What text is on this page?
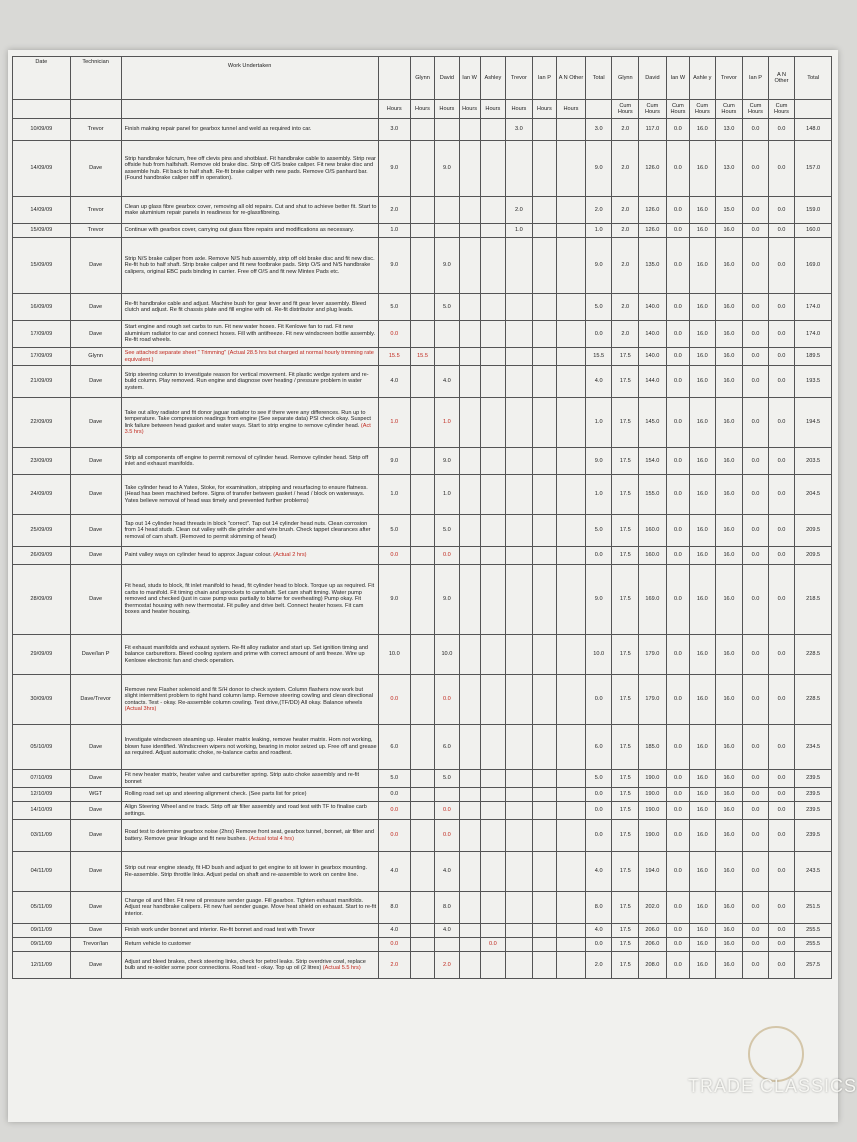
Date	Technician	Work Undertaken		Glynn	David	Ian W	Ashley	Trevor	Ian P	A N Other	Total	Glynn	David	Ian W	Ashle y	Trevor	Ian P	A N Other	Total
			Hours	Hours	Hours	Hours	Hours	Hours	Hours	Hours		Cum Hours	Cum Hours	Cum Hours	Cum Hours	Cum Hours	Cum Hours	Cum Hours	
10/09/09	Trevor	Finish making repair panel for gearbox tunnel and weld as required into car.	3.0					3.0			3.0	2.0	117.0	0.0	16.0	13.0	0.0	0.0	148.0
14/09/09	Dave	Strip handbrake fulcrum, free off clevis pins and shotblast. Fit handbrake cable to assembly. Strip rear offside hub from halfshaft. Remove old brake disc. Strip off O/S brake caliper. Fit new brake disc and assemble hub. Fit back to half shaft. Re-fit brake caliper with new pads. Remove O/S panhard bar. (Found handbrake caliper stiff in operation).	9.0		9.0						9.0	2.0	126.0	0.0	16.0	13.0	0.0	0.0	157.0
14/09/09	Trevor	Clean up glass fibre gearbox cover, removing all old repairs. Cut and shut to achieve better fit. Start to make aluminium repair panels in readiness for re-glassfibreing.	2.0					2.0			2.0	2.0	126.0	0.0	16.0	15.0	0.0	0.0	159.0
15/09/09	Trevor	Continue with gearbox cover, carrying out glass fibre repairs and modifications as necessary.	1.0					1.0			1.0	2.0	126.0	0.0	16.0	16.0	0.0	0.0	160.0
15/09/09	Dave	Strip N/S brake caliper from axle. Remove N/S hub assembly, strip off old brake disc and fit new disc. Re-fit hub to half shaft. Strip brake caliper and fit new footbrake pads. Strip O/S and N/S handbrake calipers, original EBC pads binding in carrier. Free off O/S and fit new Mintex Pads etc.	9.0		9.0						9.0	2.0	135.0	0.0	16.0	16.0	0.0	0.0	169.0
16/09/09	Dave	Re-fit handbrake cable and adjust. Machine bush for gear lever and fit gear lever assembly. Bleed clutch and adjust. Re fit chassis plate and fill engine with oil. Re-fit distributor and plug leads.	5.0		5.0						5.0	2.0	140.0	0.0	16.0	16.0	0.0	0.0	174.0
17/09/09	Dave	Start engine and rough set carbs to run. Fit new water hoses. Fit Kenlowe fan to rad. Fit new aluminium radiator to car and connect hoses. Fill with antifreeze. Fit new windscreen bottle assembly. Re-fit road wheels.	0.0								0.0	2.0	140.0	0.0	16.0	16.0	0.0	0.0	174.0
17/09/09	Glynn	See attached separate sheet " Trimming" (Actual 28.5 hrs but charged at normal hourly trimming rate equivalent.)	15.5	15.5							15.5	17.5	140.0	0.0	16.0	16.0	0.0	0.0	189.5
21/09/09	Dave	Strip steering column to investigate reason for vertical movement. Fit plastic wedge system and re-build column. Play removed. Run engine and diagnose over heating / pressure problem in water system.	4.0		4.0						4.0	17.5	144.0	0.0	16.0	16.0	0.0	0.0	193.5
22/09/09	Dave	Take out alloy radiator and fit donor jaguar radiator to see if there were any differences. Run up to temperature. Take compression readings from engine (See separate data) PSI check okay. Suspect link failure between head gasket and water ways. Start to strip engine to remove cylinder head. (Act 3.5 hrs)	1.0		1.0						1.0	17.5	145.0	0.0	16.0	16.0	0.0	0.0	194.5
23/09/09	Dave	Strip all components off engine to permit removal of cylinder head. Remove cylinder head. Strip off inlet and exhaust manifolds.	9.0		9.0						9.0	17.5	154.0	0.0	16.0	16.0	0.0	0.0	203.5
24/09/09	Dave	Take cylinder head to A Yates, Stoke, for examination, stripping and resurfacing to ensure flatness. (Head has been machined before. Signs of transfer between gasket / head / block on waterways. Yates believe removal of head was timely and prevented further problems)	1.0		1.0						1.0	17.5	155.0	0.0	16.0	16.0	0.0	0.0	204.5
25/09/09	Dave	Tap out 14 cylinder head threads in block "correct". Tap out 14 cylinder head nuts. Clean corrosion from 14 head studs. Clean out valley with die grinder and wire brush. Check tappet clearances after removal of cam shaft. (Removed to permit skimming of head)	5.0		5.0						5.0	17.5	160.0	0.0	16.0	16.0	0.0	0.0	209.5
26/09/09	Dave	Paint valley ways on cylinder head to approx Jaguar colour. (Actual 2 hrs)	0.0		0.0						0.0	17.5	160.0	0.0	16.0	16.0	0.0	0.0	209.5
28/09/09	Dave	Fit head, studs to block, fit inlet manifold to head, fit cylinder head to block. Torque up as required. Fit carbs to manifold. Fit timing chain and sprockets to camshaft. Set cam shaft timing. Water pump removed and checked (just in case pump was partially to blame for overheating) Pump okay. Fit thermostat housing with new thermostat. Fit pulley and drive belt. Connect heater hoses. Fit cam boxes and heater housing.	9.0		9.0						9.0	17.5	169.0	0.0	16.0	16.0	0.0	0.0	218.5
29/09/09	Dave/Ian P	Fit exhaust manifolds and exhaust system. Re-fit alloy radiator and start up. Set ignition timing and balance carburettors. Bleed cooling system and prime with correct amount of anti freeze. Wire up Kenlowe electronic fan and check operation.	10.0		10.0						10.0	17.5	179.0	0.0	16.0	16.0	0.0	0.0	228.5
30/09/09	Dave/Trevor	Remove new Flasher solenoid and fit S/H donor to check system. Column flashers now work but slight intermittent problem to right hand column lamp. Remove steering cowling and clean directional contacts. Test - okay. Re-assemble column cowling. Test drive,(TF/DD) All okay. Balance wheels (Actual 3hrs)	0.0		0.0						0.0	17.5	179.0	0.0	16.0	16.0	0.0	0.0	228.5
05/10/09	Dave	Investigate windscreen steaming up. Heater matrix leaking, remove heater matrix. Horn not working, blown fuse identified. Windscreen wipers not working, bearing in motor seized up. Free off and grease as required. Adjust automatic choke, re-balance carbs and roadtest.	6.0		6.0						6.0	17.5	185.0	0.0	16.0	16.0	0.0	0.0	234.5
07/10/09	Dave	Fit new heater matrix, heater valve and carburetter spring. Strip auto choke assembly and re-fit bonnet	5.0		5.0						5.0	17.5	190.0	0.0	16.0	16.0	0.0	0.0	239.5
12/10/09	WGT	Rolling road set up and steering alignment check. (See parts list for price)	0.0								0.0	17.5	190.0	0.0	16.0	16.0	0.0	0.0	239.5
14/10/09	Dave	Align Steering Wheel and re track. Strip off air filter assembly and road test with TF to finalise carb settings.	0.0		0.0						0.0	17.5	190.0	0.0	16.0	16.0	0.0	0.0	239.5
03/11/09	Dave	Road test to determine gearbox noise (2hrs) Remove front seat, gearbox tunnel, bonnet, air filter and battery. Remove gear linkage and fit new bushes. (Actual total 4 hrs)	0.0		0.0						0.0	17.5	190.0	0.0	16.0	16.0	0.0	0.0	239.5
04/11/09	Dave	Strip out rear engine steady, fit HD bush and adjust to get engine to sit lower in gearbox mounting. Re-assemble. Strip throttle links. Adjust pedal on shaft and re-assemble to work on centre line.	4.0		4.0						4.0	17.5	194.0	0.0	16.0	16.0	0.0	0.0	243.5
05/11/09	Dave	Change oil and filter. Fit new oil pressure sender guage. Fill gearbox. Tighten exhaust manifolds. Adjust rear handbrake calipers. Fit new fuel sender guage. Move heat shield on exhaust. Start to re-fit interior.	8.0		8.0						8.0	17.5	202.0	0.0	16.0	16.0	0.0	0.0	251.5
09/11/09	Dave	Finish work under bonnet and interior. Re-fit bonnet and road test with Trevor	4.0		4.0						4.0	17.5	206.0	0.0	16.0	16.0	0.0	0.0	255.5
09/11/09	Trevor/Ian	Return vehicle to customer	0.0				0.0				0.0	17.5	206.0	0.0	16.0	16.0	0.0	0.0	255.5
12/11/09	Dave	Adjust and bleed brakes, check steering links, check for petrol leaks. Strip overdrive cowl, replace bulb and re-solder some poor connections. Road test - okay. Top up oil (2 litres) (Actual 5.5 hrs)	2.0		2.0						2.0	17.5	208.0	0.0	16.0	16.0	0.0	0.0	257.5
TRADE CLASSICS
